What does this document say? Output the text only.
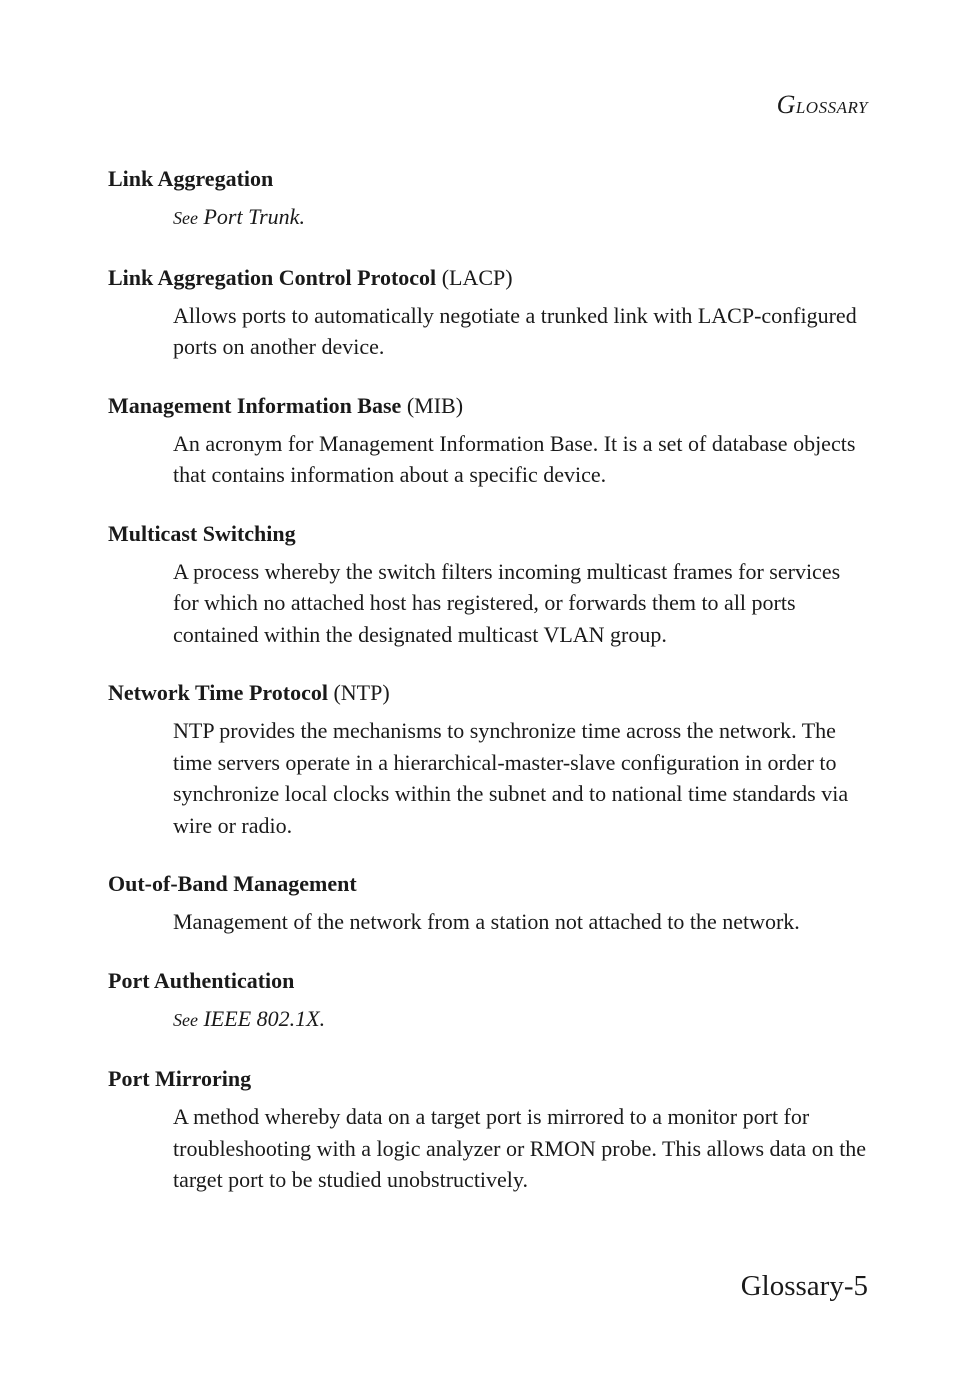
GLOSSARY

Link Aggregation

See Port Trunk.

Link Aggregation Control Protocol (LACP)

Allows ports to automatically negotiate a trunked link with LACP-configured ports on another device.

Management Information Base (MIB)

An acronym for Management Information Base. It is a set of database objects that contains information about a specific device.

Multicast Switching

A process whereby the switch filters incoming multicast frames for services for which no attached host has registered, or forwards them to all ports contained within the designated multicast VLAN group.

Network Time Protocol (NTP)

NTP provides the mechanisms to synchronize time across the network. The time servers operate in a hierarchical-master-slave configuration in order to synchronize local clocks within the subnet and to national time standards via wire or radio.

Out-of-Band Management

Management of the network from a station not attached to the network.

Port Authentication

See IEEE 802.1X.

Port Mirroring

A method whereby data on a target port is mirrored to a monitor port for troubleshooting with a logic analyzer or RMON probe. This allows data on the target port to be studied unobstructively.

Glossary-5
